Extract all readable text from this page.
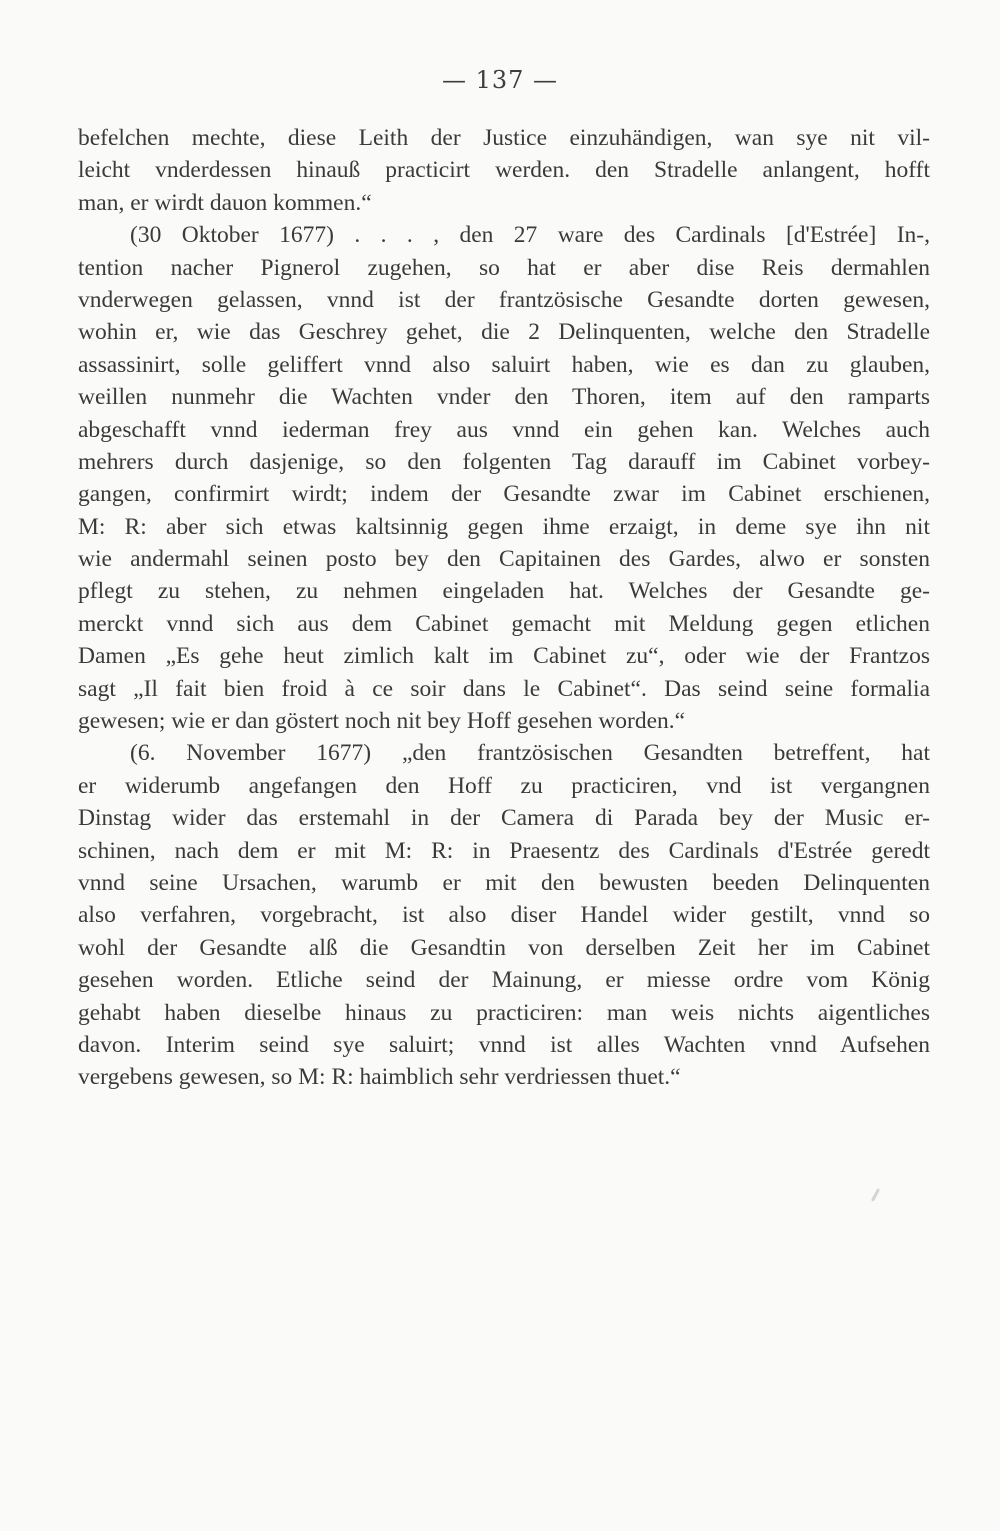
— 137 —
befelchen mechte, diese Leith der Justice einzuhändigen, wan sye nit vil-
leicht vnderdessen hinauß practicirt werden. den Stradelle anlangent, hofft
man, er wirdt dauon kommen.“
(30 Oktober 1677) . . . , den 27 ware des Cardinals [d'Estrée] In-,
tention nacher Pignerol zugehen, so hat er aber dise Reis dermahlen
vnderwegen gelassen, vnnd ist der frantzösische Gesandte dorten gewesen,
wohin er, wie das Geschrey gehet, die 2 Delinquenten, welche den Stradelle
assassinirt, solle geliffert vnnd also saluirt haben, wie es dan zu glauben,
weillen nunmehr die Wachten vnder den Thoren, item auf den ramparts
abgeschafft vnnd iederman frey aus vnnd ein gehen kan. Welches auch
mehrers durch dasjenige, so den folgenten Tag darauff im Cabinet vorbey-
gangen, confirmirt wirdt; indem der Gesandte zwar im Cabinet erschienen,
M: R: aber sich etwas kaltsinnig gegen ihme erzaigt, in deme sye ihn nit
wie andermahl seinen posto bey den Capitainen des Gardes, alwo er sonsten
pflegt zu stehen, zu nehmen eingeladen hat. Welches der Gesandte ge-
merckt vnnd sich aus dem Cabinet gemacht mit Meldung gegen etlichen
Damen „Es gehe heut zimlich kalt im Cabinet zu“, oder wie der Frantzos
sagt „Il fait bien froid à ce soir dans le Cabinet“. Das seind seine formalia
gewesen; wie er dan göstert noch nit bey Hoff gesehen worden.“
(6. November 1677) „den frantzösischen Gesandten betreffent, hat
er widerumb angefangen den Hoff zu practiciren, vnd ist vergangnen
Dinstag wider das erstemahl in der Camera di Parada bey der Music er-
schinen, nach dem er mit M: R: in Praesentz des Cardinals d'Estrée geredt
vnnd seine Ursachen, warumb er mit den bewusten beeden Delinquenten
also verfahren, vorgebracht, ist also diser Handel wider gestilt, vnnd so
wohl der Gesandte alß die Gesandtin von derselben Zeit her im Cabinet
gesehen worden. Etliche seind der Mainung, er miesse ordre vom König
gehabt haben dieselbe hinaus zu practiciren: man weis nichts aigentliches
davon. Interim seind sye saluirt; vnnd ist alles Wachten vnnd Aufsehen
vergebens gewesen, so M: R: haimblich sehr verdriessen thuet.“
